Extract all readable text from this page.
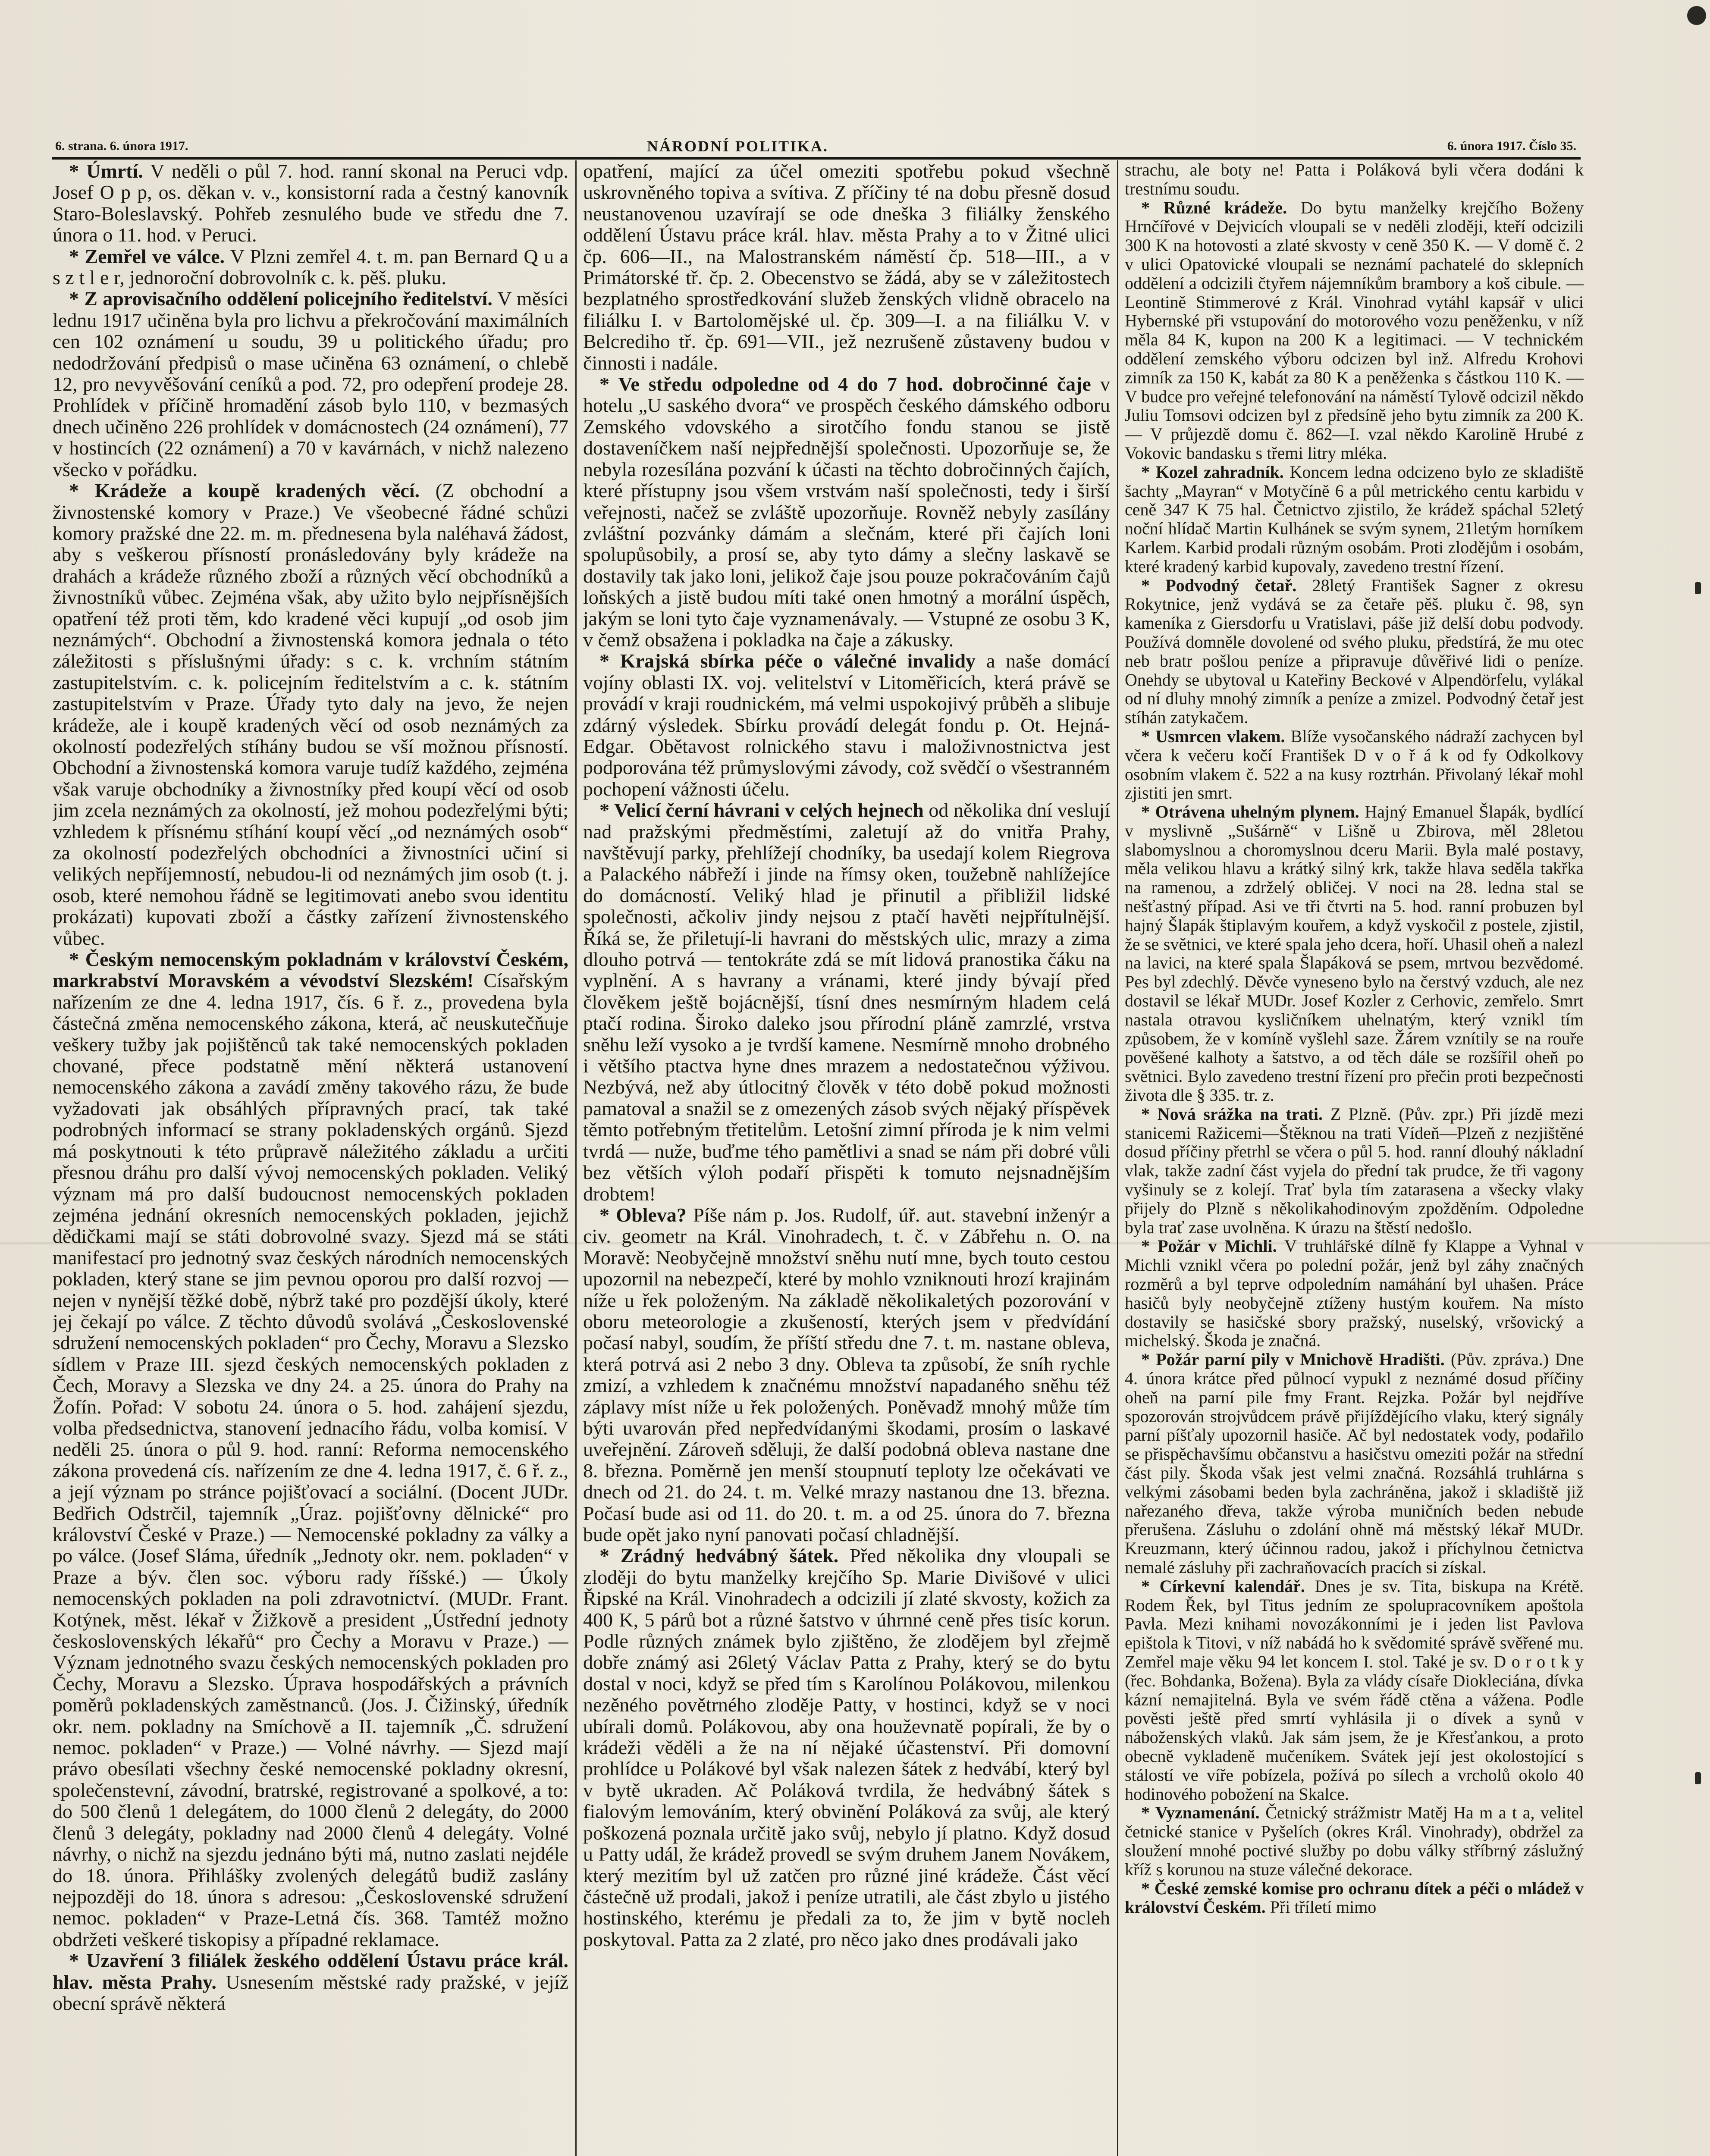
6. strana. 6. února 1917.	NÁRODNÍ POLITIKA.	6. února 1917. Číslo 35.

* Úmrtí. V neděli o půl 7. hod. ranní skonal na Peruci vdp. Josef O p p, os. děkan v. v., konsistorní rada a čestný kanovník Staro-Boleslavský. Pohřeb zesnulého bude ve středu dne 7. února o 11. hod. v Peruci.

* Zemřel ve válce. V Plzni zemřel 4. t. m. pan Bernard Q u a s z t l e r, jednoroční dobrovolník c. k. pěš. pluku.

* Z aprovisačního oddělení policejního ředitelství. V měsíci lednu 1917 učiněna byla pro lichvu a překročování maximálních cen 102 oznámení u soudu, 39 u politického úřadu; pro nedodržování předpisů o mase učiněna 63 oznámení, o chlebě 12, pro nevyvěšování ceníků a pod. 72, pro odepření prodeje 28. Prohlídek v příčině hromadění zásob bylo 110, v bezmasých dnech učiněno 226 prohlídek v domácnostech (24 oznámení), 77 v hostincích (22 oznámení) a 70 v kavárnách, v nichž nalezeno všecko v pořádku.

* Krádeže a koupě kradených věcí. (Z obchodní a živnostenské komory v Praze.) Ve všeobecné řádné schůzi komory pražské dne 22. m. m. přednesena byla naléhavá žádost, aby s veškerou přísností pronásledovány byly krádeže na drahách a krádeže různého zboží a různých věcí obchodníků a živnostníků vůbec. Zejména však, aby užito bylo nejpřísnějších opatření též proti těm, kdo kradené věci kupují „od osob jim neznámých“. Obchodní a živnostenská komora jednala o této záležitosti s příslušnými úřady: s c. k. vrchním státním zastupitelstvím. c. k. policejním ředitelstvím a c. k. státním zastupitelstvím v Praze. Úřady tyto daly na jevo, že nejen krádeže, ale i koupě kradených věcí od osob neznámých za okolností podezřelých stíhány budou se vší možnou přísností. Obchodní a živnostenská komora varuje tudíž každého, zejména však varuje obchodníky a živnostníky před koupí věcí od osob jim zcela neznámých za okolností, jež mohou podezřelými býti; vzhledem k přísnému stíhání koupí věcí „od neznámých osob“ za okolností podezřelých obchodníci a živnostníci učiní si velikých nepříjemností, nebudou-li od neznámých jim osob (t. j. osob, které nemohou řádně se legitimovati anebo svou identitu prokázati) kupovati zboží a částky zařízení živnostenského vůbec.

* Českým nemocenským pokladnám v království Českém, markrabství Moravském a vévodství Slezském! Císařským nařízením ze dne 4. ledna 1917, čís. 6 ř. z., provedena byla částečná změna nemocenského zákona, která, ač neuskutečňuje veškery tužby jak pojištěnců tak také nemocenských pokladen chované, přece podstatně mění některá ustanovení nemocenského zákona a zavádí změny takového rázu, že bude vyžadovati jak obsáhlých přípravných prací, tak také podrobných informací se strany pokladenských orgánů. Sjezd má poskytnouti k této průpravě náležitého základu a určiti přesnou dráhu pro další vývoj nemocenských pokladen. Veliký význam má pro další budoucnost nemocenských pokladen zejména jednání okresních nemocenských pokladen, jejichž dědičkami mají se státi dobrovolné svazy. Sjezd má se státi manifestací pro jednotný svaz českých národních nemocenských pokladen, který stane se jim pevnou oporou pro další rozvoj — nejen v nynější těžké době, nýbrž také pro pozdější úkoly, které jej čekají po válce. Z těchto důvodů svolává „Československé sdružení nemocenských pokladen“ pro Čechy, Moravu a Slezsko sídlem v Praze III. sjezd českých nemocenských pokladen z Čech, Moravy a Slezska ve dny 24. a 25. února do Prahy na Žofín. Pořad: V sobotu 24. února o 5. hod. zahájení sjezdu, volba předsednictva, stanovení jednacího řádu, volba komisí. V neděli 25. února o půl 9. hod. ranní: Reforma nemocenského zákona provedená cís. nařízením ze dne 4. ledna 1917, č. 6 ř. z., a její význam po stránce pojišťovací a sociální. (Docent JUDr. Bedřich Odstrčil, tajemník „Úraz. pojišťovny dělnické“ pro království České v Praze.) — Nemocenské pokladny za války a po válce. (Josef Sláma, úředník „Jednoty okr. nem. pokladen“ v Praze a býv. člen soc. výboru rady říšské.) — Úkoly nemocenských pokladen na poli zdravotnictví. (MUDr. Frant. Kotýnek, měst. lékař v Žižkově a president „Ústřední jednoty československých lékařů“ pro Čechy a Moravu v Praze.) — Význam jednotného svazu českých nemocenských pokladen pro Čechy, Moravu a Slezsko. Úprava hospodářských a právních poměrů pokladenských zaměstnanců. (Jos. J. Čižinský, úředník okr. nem. pokladny na Smíchově a II. tajemník „Č. sdružení nemoc. pokladen“ v Praze.) — Volné návrhy. — Sjezd mají právo obesílati všechny české nemocenské pokladny okresní, společenstevní, závodní, bratrské, registrované a spolkové, a to: do 500 členů 1 delegátem, do 1000 členů 2 delegáty, do 2000 členů 3 delegáty, pokladny nad 2000 členů 4 delegáty. Volné návrhy, o nichž na sjezdu jednáno býti má, nutno zaslati nejdéle do 18. února. Přihlášky zvolených delegátů budiž zaslány nejpozději do 18. února s adresou: „Československé sdružení nemoc. pokladen“ v Praze-Letná čís. 368. Tamtéž možno obdržeti veškeré tiskopisy a případné reklamace.

* Uzavření 3 filiálek žeského oddělení Ústavu práce král. hlav. města Prahy. Usnesením městské rady pražské, v jejíž obecní správě některá

opatření, mající za účel omeziti spotřebu pokud všechně uskrovněného topiva a svítiva. Z příčiny té na dobu přesně dosud neustanovenou uzavírají se ode dneška 3 filiálky ženského oddělení Ústavu práce král. hlav. města Prahy a to v Žitné ulici čp. 606—II., na Malostranském náměstí čp. 518—III., a v Primátorské tř. čp. 2. Obecenstvo se žádá, aby se v záležitostech bezplatného sprostředkování služeb ženských vlidně obracelo na filiálku I. v Bartolomějské ul. čp. 309—I. a na filiálku V. v Belcrediho tř. čp. 691—VII., jež nezrušeně zůstaveny budou v činnosti i nadále.

* Ve středu odpoledne od 4 do 7 hod. dobročinné čaje v hotelu „U saského dvora“ ve prospěch českého dámského odboru Zemského vdovského a sirotčího fondu stanou se jistě dostaveníčkem naší nejpřednější společnosti. Upozorňuje se, že nebyla rozesílána pozvání k účasti na těchto dobročinných čajích, které přístupny jsou všem vrstvám naší společnosti, tedy i širší veřejnosti, načež se zvláště upozorňuje. Rovněž nebyly zasílány zvláštní pozvánky dámám a slečnám, které při čajích loni spolupůsobily, a prosí se, aby tyto dámy a slečny laskavě se dostavily tak jako loni, jelikož čaje jsou pouze pokračováním čajů loňských a jistě budou míti také onen hmotný a morální úspěch, jakým se loni tyto čaje vyznamenávaly. — Vstupné ze osobu 3 K, v čemž obsažena i pokladka na čaje a zákusky.

* Krajská sbírka péče o válečné invalidy a naše domácí vojíny oblasti IX. voj. velitelství v Litoměřicích, která právě se provádí v kraji roudnickém, má velmi uspokojivý průběh a slibuje zdárný výsledek. Sbírku provádí delegát fondu p. Ot. Hejná-Edgar. Obětavost rolnického stavu i maloživnostnictva jest podporována též průmyslovými závody, což svědčí o všestranném pochopení vážnosti účelu.

* Velicí černí hávrani v celých hejnech od několika dní veslují nad pražskými předměstími, zaletují až do vnitřa Prahy, navštěvují parky, přehlížejí chodníky, ba usedají kolem Riegrova a Palackého nábřeží i jinde na římsy oken, toužebně nahlížejíce do domácností. Veliký hlad je přinutil a přibližil lidské společnosti, ačkoliv jindy nejsou z ptačí havěti nejpřítulnější. Říká se, že přiletují-li havrani do městských ulic, mrazy a zima dlouho potrvá — tentokráte zdá se mít lidová pranostika čáku na vyplnění. A s havrany a vránami, které jindy bývají před člověkem ještě bojácnější, tísní dnes nesmírným hladem celá ptačí rodina. Široko daleko jsou přírodní pláně zamrzlé, vrstva sněhu leží vysoko a je tvrdší kamene. Nesmírně mnoho drobného i většího ptactva hyne dnes mrazem a nedostatečnou výživou. Nezbývá, než aby útlocitný člověk v této době pokud možnosti pamatoval a snažil se z omezených zásob svých nějaký příspěvek těmto potřebným třetitelům. Letošní zimní příroda je k nim velmi tvrdá — nuže, buďme tého pamětlivi a snad se nám při dobré vůli bez větších výloh podaří přispěti k tomuto nejsnadnějším drobtem!

* Obleva? Píše nám p. Jos. Rudolf, úř. aut. stavební inženýr a civ. geometr na Král. Vinohradech, t. č. v Zábřehu n. O. na Moravě: Neobyčejně množství sněhu nutí mne, bych touto cestou upozornil na nebezpečí, které by mohlo vzniknouti hrozí krajinám níže u řek položeným. Na základě několikaletých pozorování v oboru meteorologie a zkušeností, kterých jsem v předvídání počasí nabyl, soudím, že příští středu dne 7. t. m. nastane obleva, která potrvá asi 2 nebo 3 dny. Obleva ta způsobí, že sníh rychle zmizí, a vzhledem k značnému množství napadaného sněhu též záplavy míst níže u řek položených. Poněvadž mnohý může tím býti uvarován před nepředvídanými škodami, prosím o laskavé uveřejnění. Zároveň sděluji, že další podobná obleva nastane dne 8. března. Poměrně jen menší stoupnutí teploty lze očekávati ve dnech od 21. do 24. t. m. Velké mrazy nastanou dne 13. března. Počasí bude asi od 11. do 20. t. m. a od 25. února do 7. března bude opět jako nyní panovati počasí chladnější.

* Zrádný hedvábný šátek. Před několika dny vloupali se zloději do bytu manželky krejčího Sp. Marie Divišové v ulici Řipské na Král. Vinohradech a odcizili jí zlaté skvosty, kožich za 400 K, 5 párů bot a různé šatstvo v úhrnné ceně přes tisíc korun. Podle různých známek bylo zjištěno, že zlodějem byl zřejmě dobře známý asi 26letý Václav Patta z Prahy, který se do bytu dostal v noci, když se před tím s Karolínou Polákovou, milenkou nezěného povětrného zloděje Patty, v hostinci, když se v noci ubírali domů. Polákovou, aby ona houževnatě popírali, že by o krádeži věděli a že na ní nějaké účastenství. Při domovní prohlídce u Polákové byl však nalezen šátek z hedvábí, který byl v bytě ukraden. Ač Poláková tvrdila, že hedvábný šátek s fialovým lemováním, který obvinění Poláková za svůj, ale který poškozená poznala určitě jako svůj, nebylo jí platno. Když dosud u Patty udál, že krádež provedl se svým druhem Janem Novákem, který mezitím byl už zatčen pro různé jiné krádeže. Část věcí částečně už prodali, jakož i peníze utratili, ale část zbylo u jistého hostinského, kterému je předali za to, že jim v bytě nocleh poskytoval. Patta za 2 zlaté, pro něco jako dnes prodávali jako

strachu, ale boty ne! Patta i Poláková byli včera dodáni k trestnímu soudu.

* Různé krádeže. Do bytu manželky krejčího Boženy Hrnčířové v Dejvicích vloupali se v neděli zloději, kteří odcizili 300 K na hotovosti a zlaté skvosty v ceně 350 K. — V domě č. 2 v ulici Opatovické vloupali se neznámí pachatelé do sklepních oddělení a odcizili čtyřem nájemníkům brambory a koš cibule. — Leontině Stimmerové z Král. Vinohrad vytáhl kapsář v ulici Hybernské při vstupování do motorového vozu peněženku, v níž měla 84 K, kupon na 200 K a legitimaci. — V technickém oddělení zemského výboru odcizen byl inž. Alfredu Krohovi zimník za 150 K, kabát za 80 K a peněženka s částkou 110 K. — V budce pro veřejné telefonování na náměstí Tylově odcizil někdo Juliu Tomsovi odcizen byl z předsíně jeho bytu zimník za 200 K. — V průjezdě domu č. 862—I. vzal někdo Karolině Hrubé z Vokovic bandasku s třemi litry mléka.

* Kozel zahradník. Koncem ledna odcizeno bylo ze skladiště šachty „Mayran“ v Motyčíně 6 a půl metrického centu karbidu v ceně 347 K 75 hal. Četnictvo zjistilo, že krádež spáchal 52letý noční hlídač Martin Kulhánek se svým synem, 21letým horníkem Karlem. Karbid prodali různým osobám. Proti zlodějům i osobám, které kradený karbid kupovaly, zavedeno trestní řízení.

* Podvodný četař. 28letý František Sagner z okresu Rokytnice, jenž vydává se za četaře pěš. pluku č. 98, syn kameníka z Giersdorfu u Vratislavi, páše již delší dobu podvody. Používá domněle dovolené od svého pluku, předstírá, že mu otec neb bratr pošlou peníze a připravuje důvěřivé lidi o peníze. Onehdy se ubytoval u Kateřiny Beckové v Alpendörfelu, vylákal od ní dluhy mnohý zimník a peníze a zmizel. Podvodný četař jest stíhán zatykačem.

* Usmrcen vlakem. Blíže vysočanského nádraží zachycen byl včera k večeru kočí František D v o ř á k od fy Odkolkovy osobním vlakem č. 522 a na kusy roztrhán. Přivolaný lékař mohl zjistiti jen smrt.

* Otrávena uhelným plynem. Hajný Emanuel Šlapák, bydlící v myslivně „Sušárně“ v Lišně u Zbirova, měl 28letou slabomyslnou a choromyslnou dceru Marii. Byla malé postavy, měla velikou hlavu a krátký silný krk, takže hlava seděla takřka na ramenou, a zdrželý obličej. V noci na 28. ledna stal se nešťastný případ. Asi ve tři čtvrti na 5. hod. ranní probuzen byl hajný Šlapák štiplavým kouřem, a když vyskočil z postele, zjistil, že se světnici, ve které spala jeho dcera, hoří. Uhasil oheň a nalezl na lavici, na které spala Šlapáková se psem, mrtvou bezvědomé. Pes byl zdechlý. Děvče vyneseno bylo na čerstvý vzduch, ale nez dostavil se lékař MUDr. Josef Kozler z Cerhovic, zemřelo. Smrt nastala otravou kysličníkem uhelnatým, který vznikl tím způsobem, že v komíně vyšlehl saze. Žárem vznítily se na rouře pověšené kalhoty a šatstvo, a od těch dále se rozšířil oheň po světnici. Bylo zavedeno trestní řízení pro přečin proti bezpečnosti života dle § 335. tr. z.

* Nová srážka na trati. Z Plzně. (Pův. zpr.) Při jízdě mezi stanicemi Ražicemi—Štěknou na trati Vídeň—Plzeň z nezjištěné dosud příčiny přetrhl se včera o půl 5. hod. ranní dlouhý nákladní vlak, takže zadní část vyjela do přední tak prudce, že tři vagony vyšinuly se z kolejí. Trať byla tím zatarasena a všecky vlaky přijely do Plzně s několikahodinovým zpožděním. Odpoledne byla trať zase uvolněna. K úrazu na štěstí nedošlo.

* Požár v Michli. V truhlářské dílně fy Klappe a Vyhnal v Michli vznikl včera po polední požár, jenž byl záhy značných rozměrů a byl teprve odpoledním namáhání byl uhašen. Práce hasičů byly neobyčejně ztíženy hustým kouřem. Na místo dostavily se hasičské sbory pražský, nuselský, vršovický a michelský. Škoda je značná.

* Požár parní pily v Mnichově Hradišti. (Pův. zpráva.) Dne 4. února krátce před půlnocí vypukl z neznámé dosud příčiny oheň na parní pile fmy Frant. Rejzka. Požár byl nejdříve spozorován strojvůdcem právě přijíždějícího vlaku, který signály parní píšťaly upozornil hasiče. Ač byl nedostatek vody, podařilo se přispěchavšímu občanstvu a hasičstvu omeziti požár na střední část pily. Škoda však jest velmi značná. Rozsáhlá truhlárna s velkými zásobami beden byla zachráněna, jakož i skladiště již nařezaného dřeva, takže výroba muničních beden nebude přerušena. Zásluhu o zdolání ohně má městský lékař MUDr. Kreuzmann, který účinnou radou, jakož i příchylnou četnictva nemalé zásluhy při zachraňovacích pracích si získal.

* Církevní kalendář. Dnes je sv. Tita, biskupa na Krétě. Rodem Řek, byl Titus jedním ze spolupracovníkem apoštola Pavla. Mezi knihami novozákonními je i jeden list Pavlova epištola k Titovi, v níž nabádá ho k svědomité správě svěřené mu. Zemřel maje věku 94 let koncem I. stol. Také je sv. D o r o t k y (řec. Bohdanka, Božena). Byla za vlády císaře Diokleciána, dívka kázní nemajitelná. Byla ve svém řádě ctěna a vážena. Podle pověsti ještě před smrtí vyhlásila ji o dívek a synů v náboženských vlaků. Jak sám jsem, že je Křesťankou, a proto obecně vykladeně mučeníkem. Svátek její jest okolostojící s stálostí ve víře pobízela, požívá po sílech a vrcholů okolo 40 hodinového pobožení na Skalce.

* Vyznamenání. Četnický strážmistr Matěj Ha m a t a, velitel četnické stanice v Pyšelích (okres Král. Vinohrady), obdržel za sloužení mnohé poctivé služby po dobu války stříbrný záslužný kříž s korunou na stuze válečné dekorace.

* České zemské komise pro ochranu dítek a péči o mládež v království Českém. Při tříletí mimo
